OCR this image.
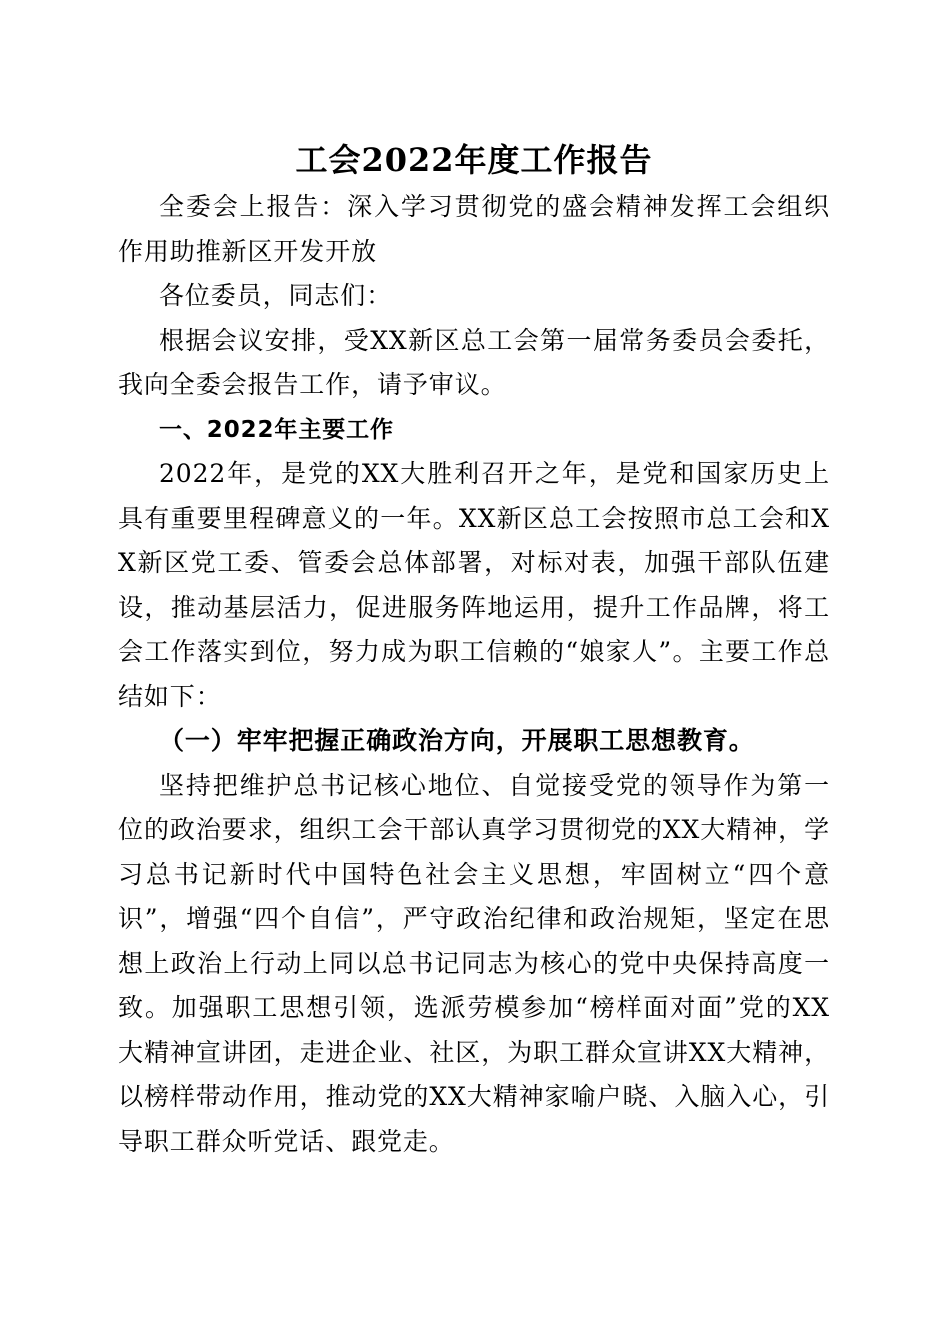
工会2022年度工作报告

全委会上报告：深入学习贯彻党的盛会精神发挥工会组织作用助推新区开发开放

各位委员，同志们：

根据会议安排，受XX新区总工会第一届常务委员会委托，我向全委会报告工作，请予审议。

一、2022年主要工作

2022年，是党的XX大胜利召开之年，是党和国家历史上具有重要里程碑意义的一年。XX新区总工会按照市总工会和XX新区党工委、管委会总体部署，对标对表，加强干部队伍建设，推动基层活力，促进服务阵地运用，提升工作品牌，将工会工作落实到位，努力成为职工信赖的“娘家人”。主要工作总结如下：

（一）牢牢把握正确政治方向，开展职工思想教育。

坚持把维护总书记核心地位、自觉接受党的领导作为第一位的政治要求，组织工会干部认真学习贯彻党的XX大精神，学习总书记新时代中国特色社会主义思想，牢固树立“四个意识”，增强“四个自信”，严守政治纪律和政治规矩，坚定在思想上政治上行动上同以总书记同志为核心的党中央保持高度一致。加强职工思想引领，选派劳模参加“榜样面对面”党的XX大精神宣讲团，走进企业、社区，为职工群众宣讲XX大精神，以榜样带动作用，推动党的XX大精神家喻户晓、入脑入心，引导职工群众听党话、跟党走。
